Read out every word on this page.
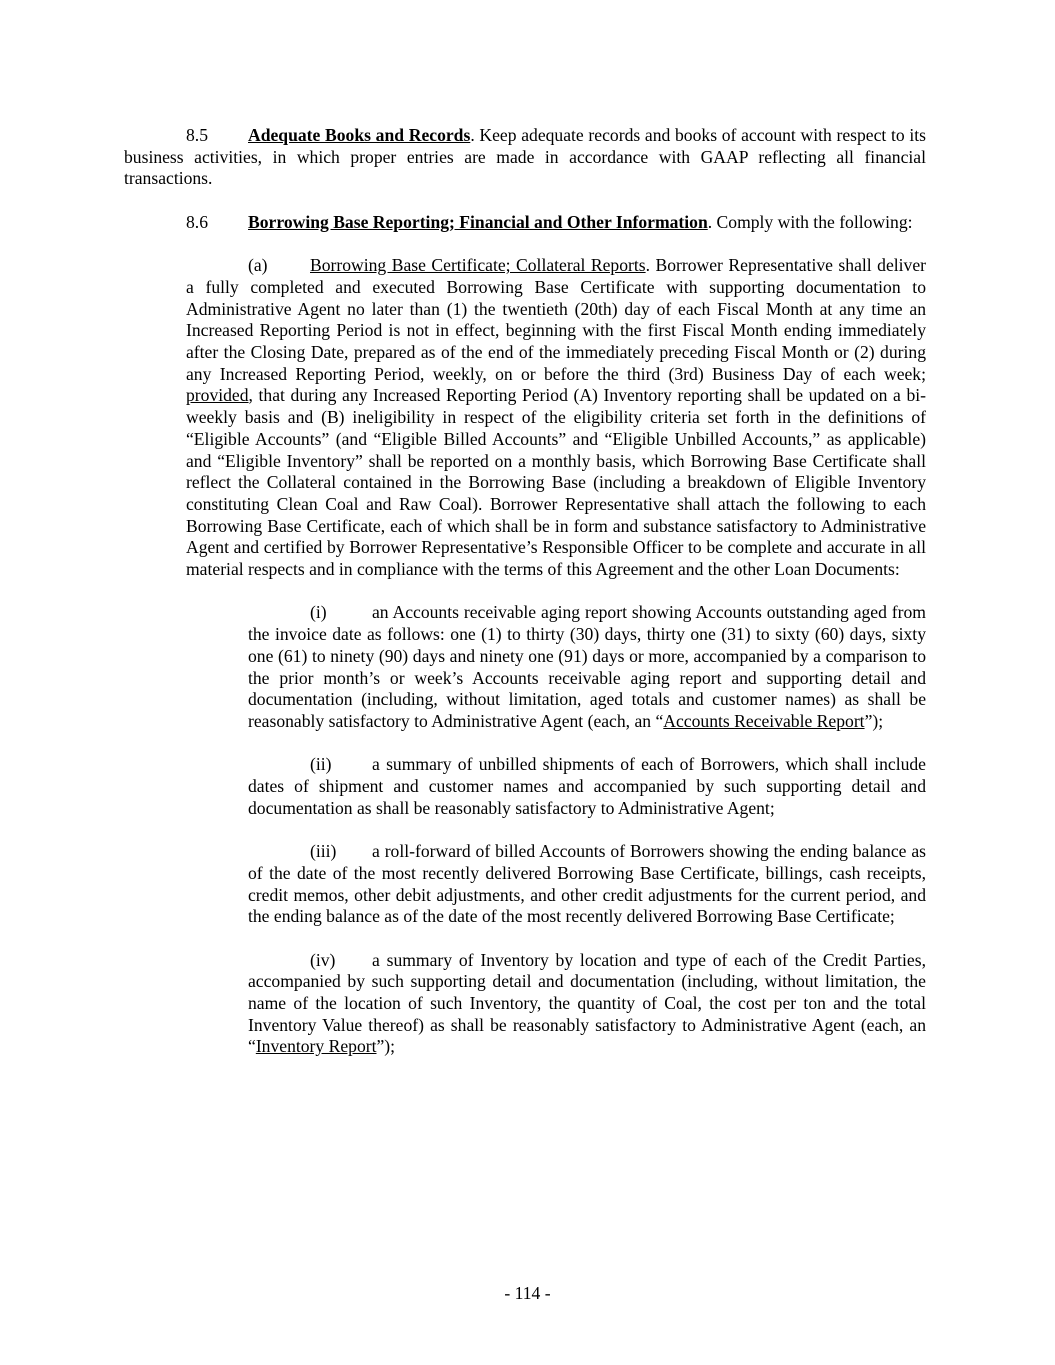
8.5 Adequate Books and Records. Keep adequate records and books of account with respect to its business activities, in which proper entries are made in accordance with GAAP reflecting all financial transactions.

8.6 Borrowing Base Reporting; Financial and Other Information. Comply with the following:

(a) Borrowing Base Certificate; Collateral Reports. Borrower Representative shall deliver a fully completed and executed Borrowing Base Certificate with supporting documentation to Administrative Agent no later than (1) the twentieth (20th) day of each Fiscal Month at any time an Increased Reporting Period is not in effect, beginning with the first Fiscal Month ending immediately after the Closing Date, prepared as of the end of the immediately preceding Fiscal Month or (2) during any Increased Reporting Period, weekly, on or before the third (3rd) Business Day of each week; provided, that during any Increased Reporting Period (A) Inventory reporting shall be updated on a bi-weekly basis and (B) ineligibility in respect of the eligibility criteria set forth in the definitions of “Eligible Accounts” (and “Eligible Billed Accounts” and “Eligible Unbilled Accounts,” as applicable) and “Eligible Inventory” shall be reported on a monthly basis, which Borrowing Base Certificate shall reflect the Collateral contained in the Borrowing Base (including a breakdown of Eligible Inventory constituting Clean Coal and Raw Coal). Borrower Representative shall attach the following to each Borrowing Base Certificate, each of which shall be in form and substance satisfactory to Administrative Agent and certified by Borrower Representative’s Responsible Officer to be complete and accurate in all material respects and in compliance with the terms of this Agreement and the other Loan Documents:

(i)	an Accounts receivable aging report showing Accounts outstanding aged from the invoice date as follows: one (1) to thirty (30) days, thirty one (31) to sixty (60) days, sixty one (61) to ninety (90) days and ninety one (91) days or more, accompanied by a comparison to the prior month’s or week’s Accounts receivable aging report and supporting detail and documentation (including, without limitation, aged totals and customer names) as shall be reasonably satisfactory to Administrative Agent (each, an “Accounts Receivable Report”);

(ii) a summary of unbilled shipments of each of Borrowers, which shall include dates of shipment and customer names and accompanied by such supporting detail and documentation as shall be reasonably satisfactory to Administrative Agent;

(iii) a roll-forward of billed Accounts of Borrowers showing the ending balance as of the date of the most recently delivered Borrowing Base Certificate, billings, cash receipts, credit memos, other debit adjustments, and other credit adjustments for the current period, and the ending balance as of the date of the most recently delivered Borrowing Base Certificate;

(iv) a summary of Inventory by location and type of each of the Credit Parties, accompanied by such supporting detail and documentation (including, without limitation, the name of the location of such Inventory, the quantity of Coal, the cost per ton and the total Inventory Value thereof) as shall be reasonably satisfactory to Administrative Agent (each, an “Inventory Report”);

- 114 -
